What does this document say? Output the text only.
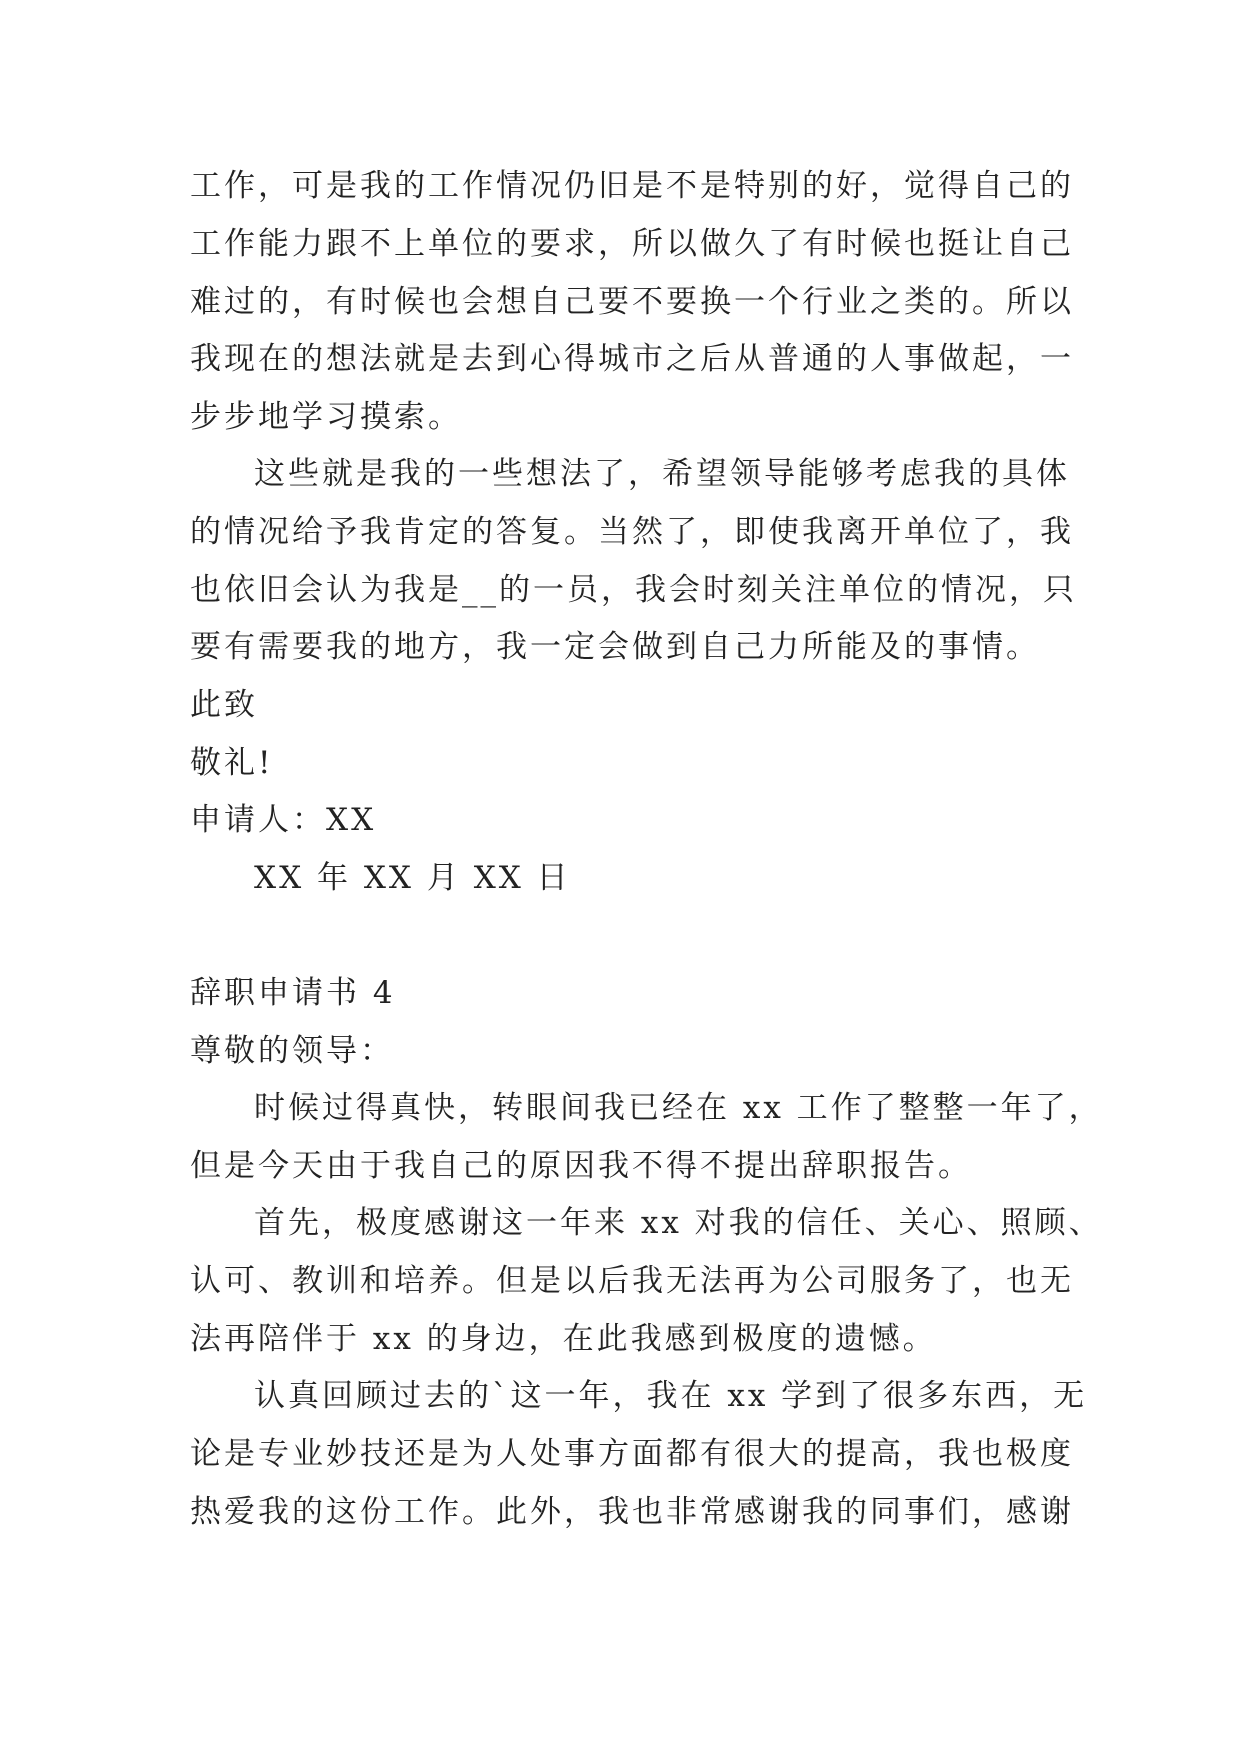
工作，可是我的工作情况仍旧是不是特别的好，觉得自己的
工作能力跟不上单位的要求，所以做久了有时候也挺让自己
难过的，有时候也会想自己要不要换一个行业之类的。所以
我现在的想法就是去到心得城市之后从普通的人事做起，一
步步地学习摸索。
这些就是我的一些想法了，希望领导能够考虑我的具体
的情况给予我肯定的答复。当然了，即使我离开单位了，我
也依旧会认为我是__的一员，我会时刻关注单位的情况，只
要有需要我的地方，我一定会做到自己力所能及的事情。
此致
敬礼!
申请人：XX
XX 年 XX 月 XX 日
辞职申请书 4
尊敬的领导：
时候过得真快，转眼间我已经在 xx 工作了整整一年了，
但是今天由于我自己的原因我不得不提出辞职报告。
首先，极度感谢这一年来 xx 对我的信任、关心、照顾、
认可、教训和培养。但是以后我无法再为公司服务了，也无
法再陪伴于 xx 的身边，在此我感到极度的遗憾。
认真回顾过去的`这一年，我在 xx 学到了很多东西，无
论是专业妙技还是为人处事方面都有很大的提高，我也极度
热爱我的这份工作。此外，我也非常感谢我的同事们，感谢
